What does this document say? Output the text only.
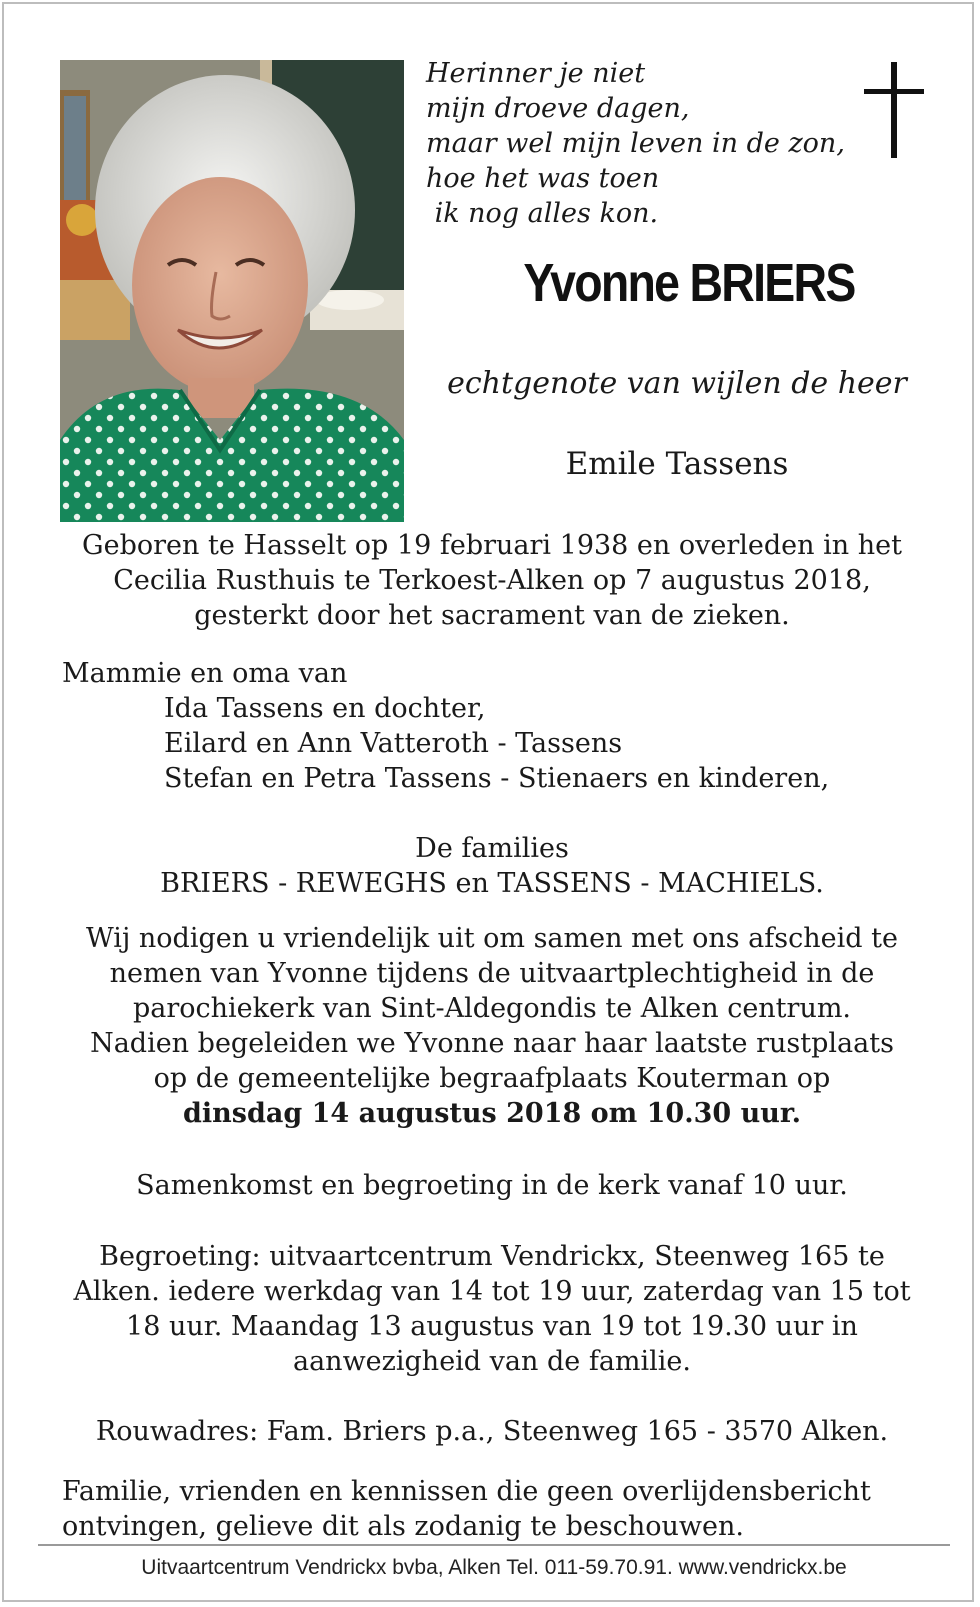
Herinner je niet
mijn droeve dagen,
maar wel mijn leven in de zon,
hoe het was toen
ik nog alles kon.
Yvonne BRIERS
echtgenote van wijlen de heer
Emile Tassens
Geboren te Hasselt op 19 februari 1938 en overleden in het
Cecilia Rusthuis te Terkoest-Alken op 7 augustus 2018,
gesterkt door het sacrament van de zieken.
Mammie en oma van
Ida Tassens en dochter,
Eilard en Ann Vatteroth - Tassens
Stefan en Petra Tassens - Stienaers en kinderen,
De families
BRIERS - REWEGHS en TASSENS - MACHIELS.
Wij nodigen u vriendelijk uit om samen met ons afscheid te
nemen van Yvonne tijdens de uitvaartplechtigheid in de
parochiekerk van Sint-Aldegondis te Alken centrum.
Nadien begeleiden we Yvonne naar haar laatste rustplaats
op de gemeentelijke begraafplaats Kouterman op
dinsdag 14 augustus 2018 om 10.30 uur.
Samenkomst en begroeting in de kerk vanaf 10 uur.
Begroeting: uitvaartcentrum Vendrickx, Steenweg 165 te
Alken. iedere werkdag van 14 tot 19 uur, zaterdag van 15 tot
18 uur. Maandag 13 augustus van 19 tot 19.30 uur in
aanwezigheid van de familie.
Rouwadres: Fam. Briers p.a., Steenweg 165 - 3570 Alken.
Familie, vrienden en kennissen die geen overlijdensbericht
ontvingen, gelieve dit als zodanig te beschouwen.
Uitvaartcentrum Vendrickx bvba, Alken Tel. 011-59.70.91. www.vendrickx.be
